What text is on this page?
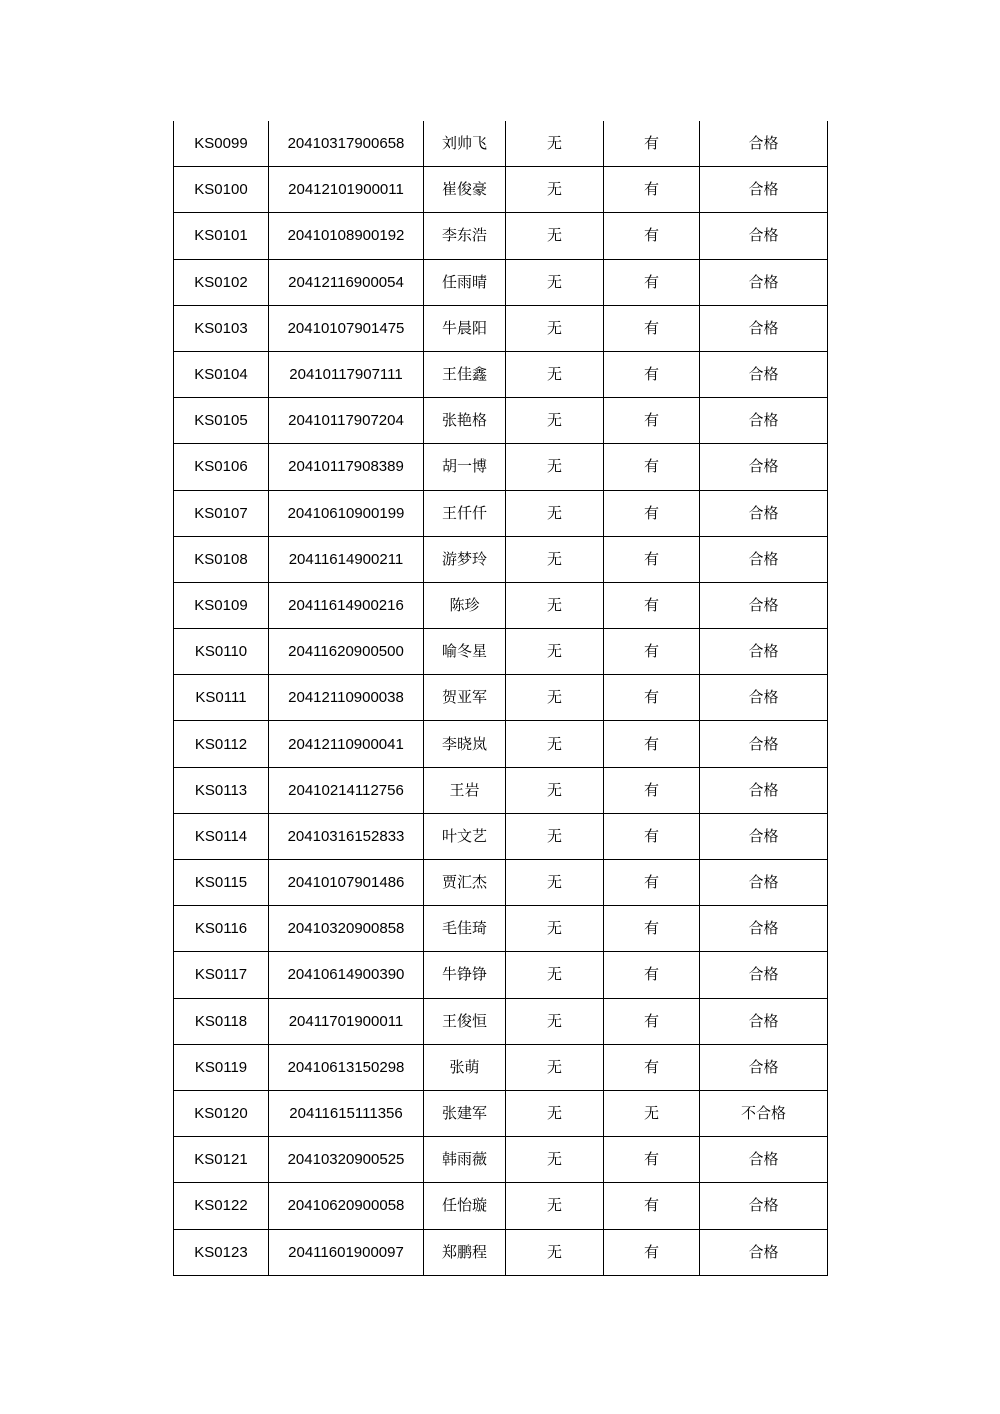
KS0099	20410317900658	刘帅飞	无	有	合格
KS0100	20412101900011	崔俊豪	无	有	合格
KS0101	20410108900192	李东浩	无	有	合格
KS0102	20412116900054	任雨晴	无	有	合格
KS0103	20410107901475	牛晨阳	无	有	合格
KS0104	20410117907111	王佳鑫	无	有	合格
KS0105	20410117907204	张艳格	无	有	合格
KS0106	20410117908389	胡一博	无	有	合格
KS0107	20410610900199	王仟仟	无	有	合格
KS0108	20411614900211	游梦玲	无	有	合格
KS0109	20411614900216	陈珍	无	有	合格
KS0110	20411620900500	喻冬星	无	有	合格
KS0111	20412110900038	贺亚军	无	有	合格
KS0112	20412110900041	李晓岚	无	有	合格
KS0113	20410214112756	王岩	无	有	合格
KS0114	20410316152833	叶文艺	无	有	合格
KS0115	20410107901486	贾汇杰	无	有	合格
KS0116	20410320900858	毛佳琦	无	有	合格
KS0117	20410614900390	牛铮铮	无	有	合格
KS0118	20411701900011	王俊恒	无	有	合格
KS0119	20410613150298	张萌	无	有	合格
KS0120	20411615111356	张建军	无	无	不合格
KS0121	20410320900525	韩雨薇	无	有	合格
KS0122	20410620900058	任怡璇	无	有	合格
KS0123	20411601900097	郑鹏程	无	有	合格
